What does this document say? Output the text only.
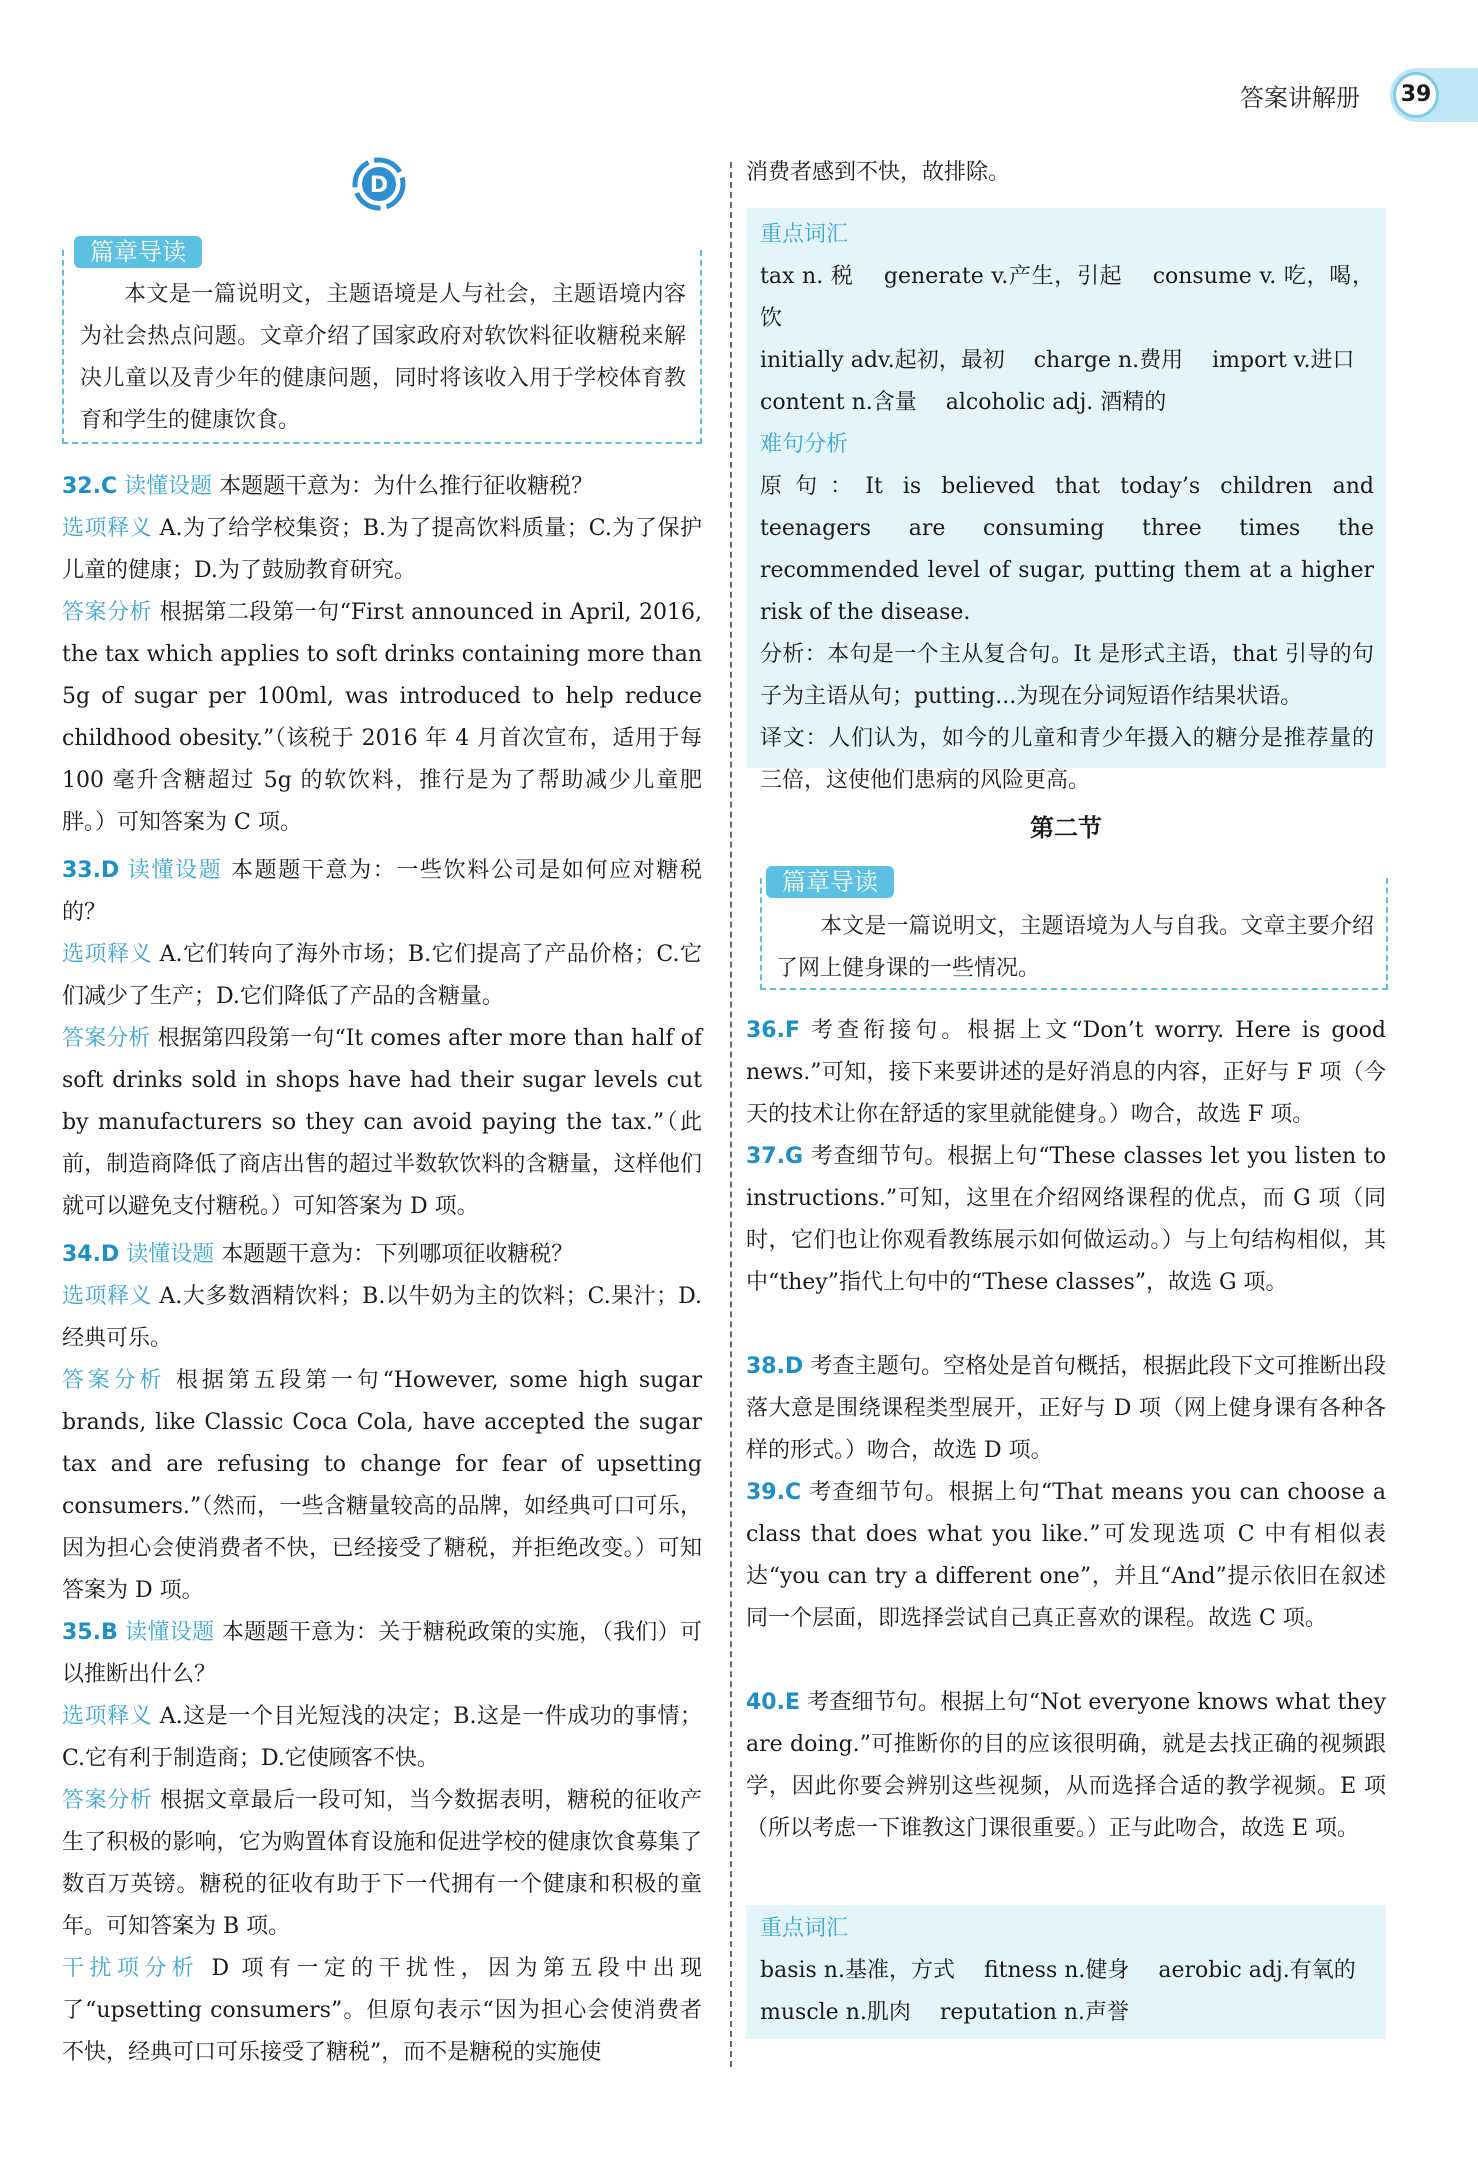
答案讲解册	39
D
篇章导读
本文是一篇说明文，主题语境是人与社会，主题语境内容为社会热点问题。文章介绍了国家政府对软饮料征收糖税来解决儿童以及青少年的健康问题，同时将该收入用于学校体育教育和学生的健康饮食。
32.C 读懂设题 本题题干意为：为什么推行征收糖税？
选项释义 A.为了给学校集资；B.为了提高饮料质量；C.为了保护儿童的健康；D.为了鼓励教育研究。
答案分析 根据第二段第一句“First announced in April, 2016, the tax which applies to soft drinks containing more than 5g of sugar per 100ml, was introduced to help reduce childhood obesity.”（该税于 2016 年 4 月首次宣布，适用于每 100 毫升含糖超过 5g 的软饮料，推行是为了帮助减少儿童肥胖。）可知答案为 C 项。
33.D 读懂设题 本题题干意为：一些饮料公司是如何应对糖税的？
选项释义 A.它们转向了海外市场；B.它们提高了产品价格；C.它们减少了生产；D.它们降低了产品的含糖量。
答案分析 根据第四段第一句“It comes after more than half of soft drinks sold in shops have had their sugar levels cut by manufacturers so they can avoid paying the tax.”（此前，制造商降低了商店出售的超过半数软饮料的含糖量，这样他们就可以避免支付糖税。）可知答案为 D 项。
34.D 读懂设题 本题题干意为：下列哪项征收糖税？
选项释义 A.大多数酒精饮料；B.以牛奶为主的饮料；C.果汁；D.经典可乐。
答案分析 根据第五段第一句“However, some high sugar brands, like Classic Coca Cola, have accepted the sugar tax and are refusing to change for fear of upsetting consumers.”（然而，一些含糖量较高的品牌，如经典可口可乐，因为担心会使消费者不快，已经接受了糖税，并拒绝改变。）可知答案为 D 项。
35.B 读懂设题 本题题干意为：关于糖税政策的实施，（我们）可以推断出什么？
选项释义 A.这是一个目光短浅的决定；B.这是一件成功的事情；C.它有利于制造商；D.它使顾客不快。
答案分析 根据文章最后一段可知，当今数据表明，糖税的征收产生了积极的影响，它为购置体育设施和促进学校的健康饮食募集了数百万英镑。糖税的征收有助于下一代拥有一个健康和积极的童年。可知答案为 B 项。
干扰项分析 D 项有一定的干扰性，因为第五段中出现了“upsetting consumers”。但原句表示“因为担心会使消费者不快，经典可口可乐接受了糖税”，而不是糖税的实施使
消费者感到不快，故排除。
重点词汇
tax n. 税　 generate v.产生，引起　 consume v. 吃，喝，饮
initially adv.起初，最初　 charge n.费用　 import v.进口
content n.含量　 alcoholic adj. 酒精的
难句分析
原句：It is believed that today’s children and teenagers are consuming three times the recommended level of sugar, putting them at a higher risk of the disease.
分析：本句是一个主从复合句。It 是形式主语，that 引导的句子为主语从句；putting...为现在分词短语作结果状语。
译文：人们认为，如今的儿童和青少年摄入的糖分是推荐量的三倍，这使他们患病的风险更高。
第二节
篇章导读
本文是一篇说明文，主题语境为人与自我。文章主要介绍了网上健身课的一些情况。
36.F 考查衔接句。根据上文“Don’t worry. Here is good news.”可知，接下来要讲述的是好消息的内容，正好与 F 项（今天的技术让你在舒适的家里就能健身。）吻合，故选 F 项。
37.G 考查细节句。根据上句“These classes let you listen to instructions.”可知，这里在介绍网络课程的优点，而 G 项（同时，它们也让你观看教练展示如何做运动。）与上句结构相似，其中“they”指代上句中的“These classes”，故选 G 项。
38.D 考查主题句。空格处是首句概括，根据此段下文可推断出段落大意是围绕课程类型展开，正好与 D 项（网上健身课有各种各样的形式。）吻合，故选 D 项。
39.C 考查细节句。根据上句“That means you can choose a class that does what you like.”可发现选项 C 中有相似表达“you can try a different one”，并且“And”提示依旧在叙述同一个层面，即选择尝试自己真正喜欢的课程。故选 C 项。
40.E 考查细节句。根据上句“Not everyone knows what they are doing.”可推断你的目的应该很明确，就是去找正确的视频跟学，因此你要会辨别这些视频，从而选择合适的教学视频。E 项（所以考虑一下谁教这门课很重要。）正与此吻合，故选 E 项。
重点词汇
basis n.基准，方式　 fitness n.健身　 aerobic adj.有氧的
muscle n.肌肉　 reputation n.声誉
